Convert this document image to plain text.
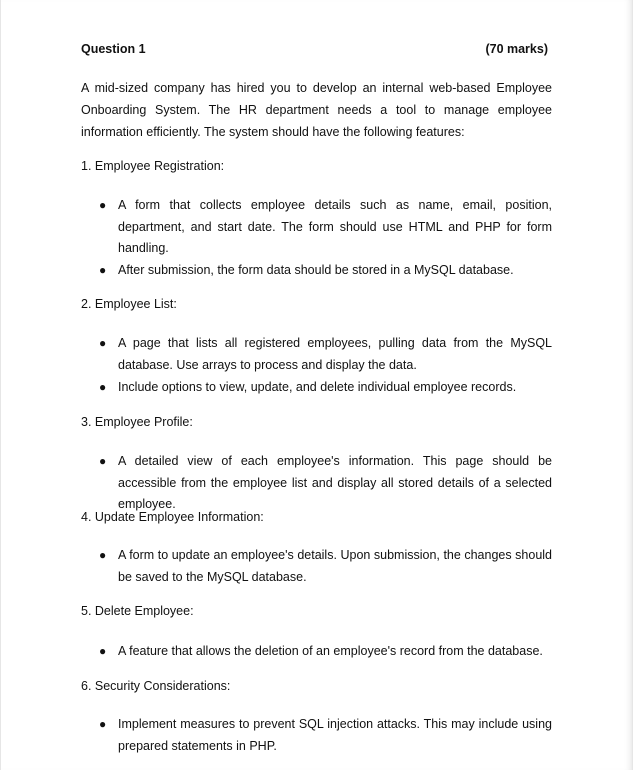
Question 1	(70 marks)

A mid-sized company has hired you to develop an internal web-based Employee Onboarding System. The HR department needs a tool to manage employee information efficiently. The system should have the following features:

1. Employee Registration:
● A form that collects employee details such as name, email, position, department, and start date. The form should use HTML and PHP for form handling.
● After submission, the form data should be stored in a MySQL database.
2. Employee List:
● A page that lists all registered employees, pulling data from the MySQL database. Use arrays to process and display the data.
● Include options to view, update, and delete individual employee records.
3. Employee Profile:
● A detailed view of each employee's information. This page should be accessible from the employee list and display all stored details of a selected employee.
4. Update Employee Information:
● A form to update an employee's details. Upon submission, the changes should be saved to the MySQL database.
5. Delete Employee:
● A feature that allows the deletion of an employee's record from the database.
6. Security Considerations:
● Implement measures to prevent SQL injection attacks. This may include using prepared statements in PHP.
